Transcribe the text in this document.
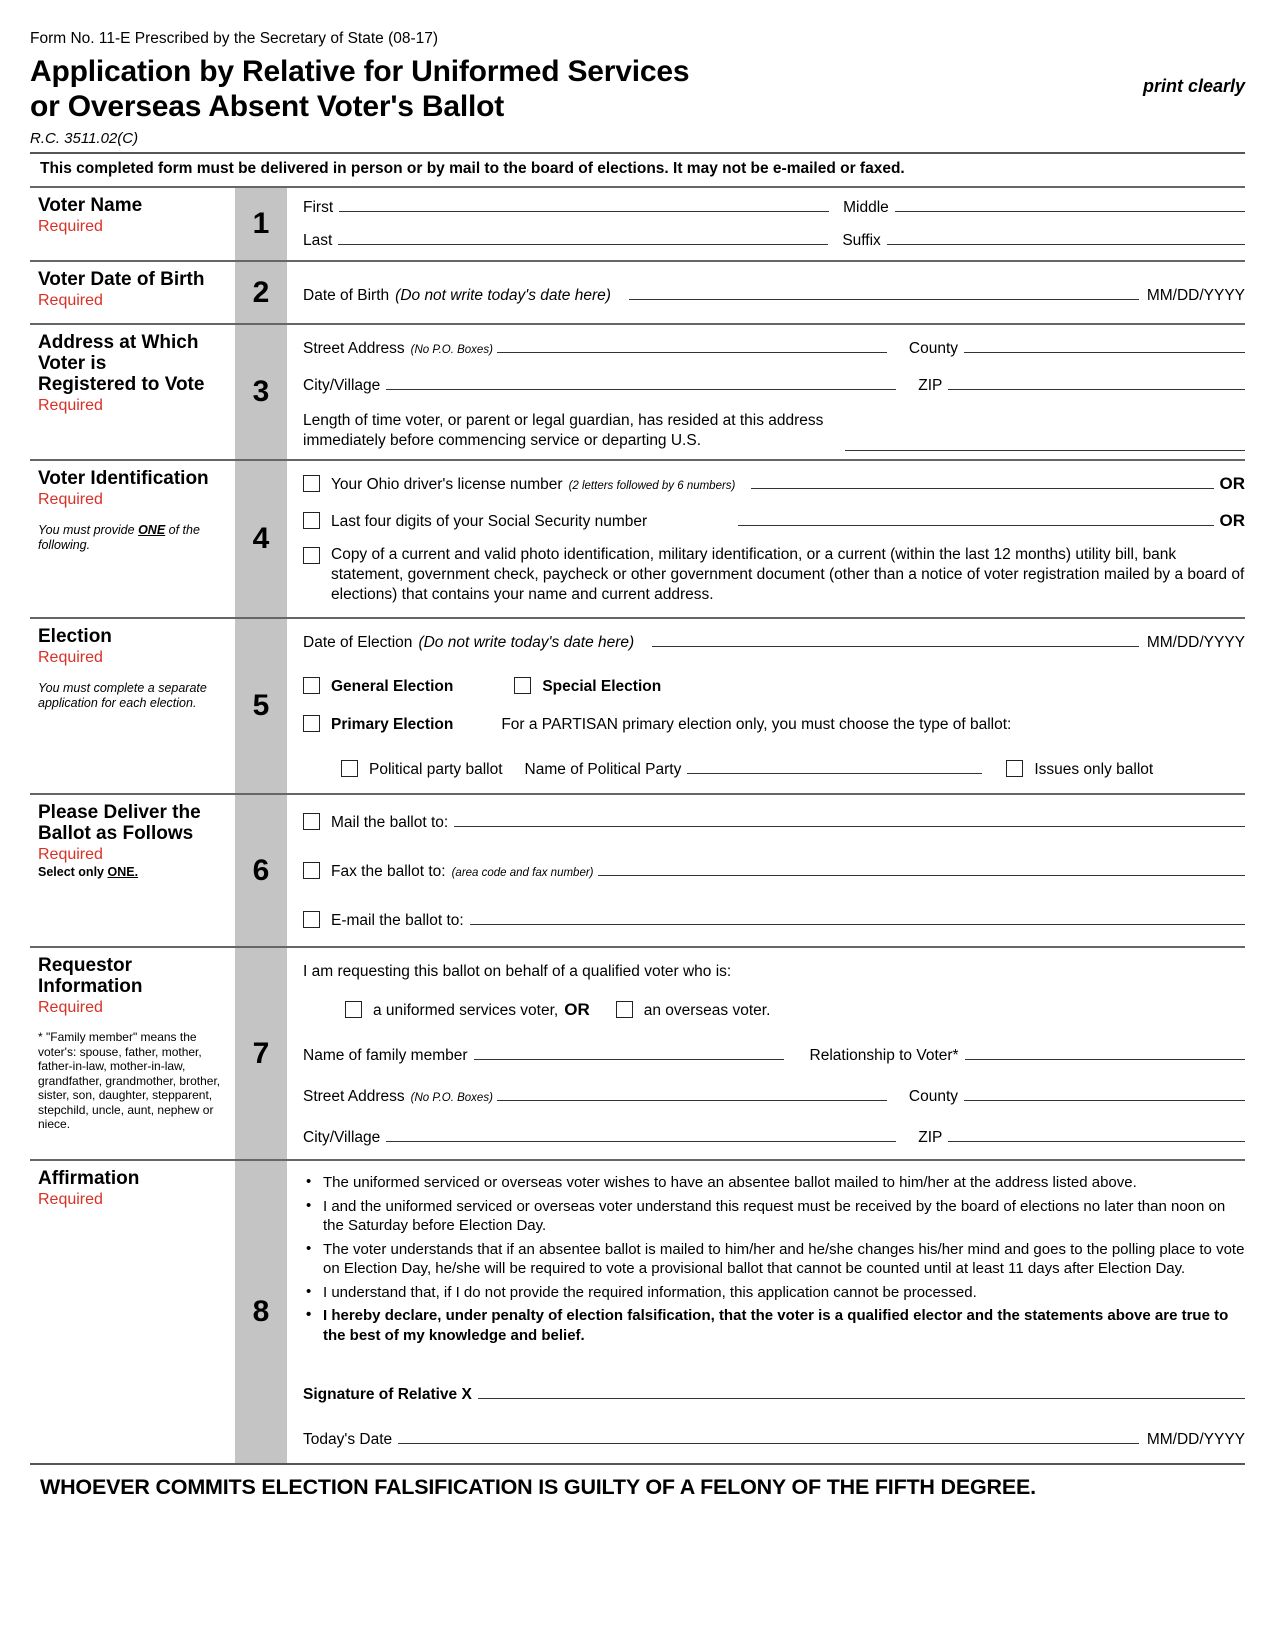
Form No. 11-E Prescribed by the Secretary of State (08-17)
Application by Relative for Uniformed Services
or Overseas Absent Voter's Ballot
print clearly
R.C. 3511.02(C)
This completed form must be delivered in person or by mail to the board of elections. It may not be e-mailed or faxed.
Voter Name
Required	1	First	Middle
Last	Suffix
Voter Date of Birth
Required	2	Date of Birth (Do not write today's date here)	MM/DD/YYYY
Address at Which
Voter is
Registered to Vote
Required	3
Street Address (No P.O. Boxes)	County
City/Village	ZIP
Length of time voter, or parent or legal guardian, has resided at this address
immediately before commencing service or departing U.S.
Voter Identification
Required
You must provide ONE of the following.	4
Your Ohio driver's license number (2 letters followed by 6 numbers)	OR
Last four digits of your Social Security number	OR
Copy of a current and valid photo identification, military identification, or a current (within the last 12 months) utility bill, bank statement, government check, paycheck or other government document (other than a notice of voter registration mailed by a board of elections) that contains your name and current address.
Election
Required
You must complete a separate
application for each election.	5
Date of Election (Do not write today's date here)	MM/DD/YYYY
General Election	Special Election
Primary Election	For a PARTISAN primary election only, you must choose the type of ballot:
Political party ballot	Name of Political Party	Issues only ballot
Please Deliver the
Ballot as Follows
Required
Select only ONE.	6
Mail the ballot to:
Fax the ballot to: (area code and fax number)
E-mail the ballot to:
Requestor
Information
Required
* "Family member" means the voter's: spouse, father, mother, father-in-law, mother-in-law, grandfather, grandmother, brother, sister, son, daughter, stepparent, stepchild, uncle, aunt, nephew or niece.
7
I am requesting this ballot on behalf of a qualified voter who is:
a uniformed services voter, OR	an overseas voter.
Name of family member	Relationship to Voter*
Street Address (No P.O. Boxes)	County
City/Village	ZIP
Affirmation
Required
8
• The uniformed serviced or overseas voter wishes to have an absentee ballot mailed to him/her at the address listed above.
• I and the uniformed serviced or overseas voter understand this request must be received by the board of elections no later than noon on the Saturday before Election Day.
• The voter understands that if an absentee ballot is mailed to him/her and he/she changes his/her mind and goes to the polling place to vote on Election Day, he/she will be required to vote a provisional ballot that cannot be counted until at least 11 days after Election Day.
• I understand that, if I do not provide the required information, this application cannot be processed.
• I hereby declare, under penalty of election falsification, that the voter is a qualified elector and the statements above are true to the best of my knowledge and belief.
Signature of Relative X
Today's Date	MM/DD/YYYY
WHOEVER COMMITS ELECTION FALSIFICATION IS GUILTY OF A FELONY OF THE FIFTH DEGREE.
